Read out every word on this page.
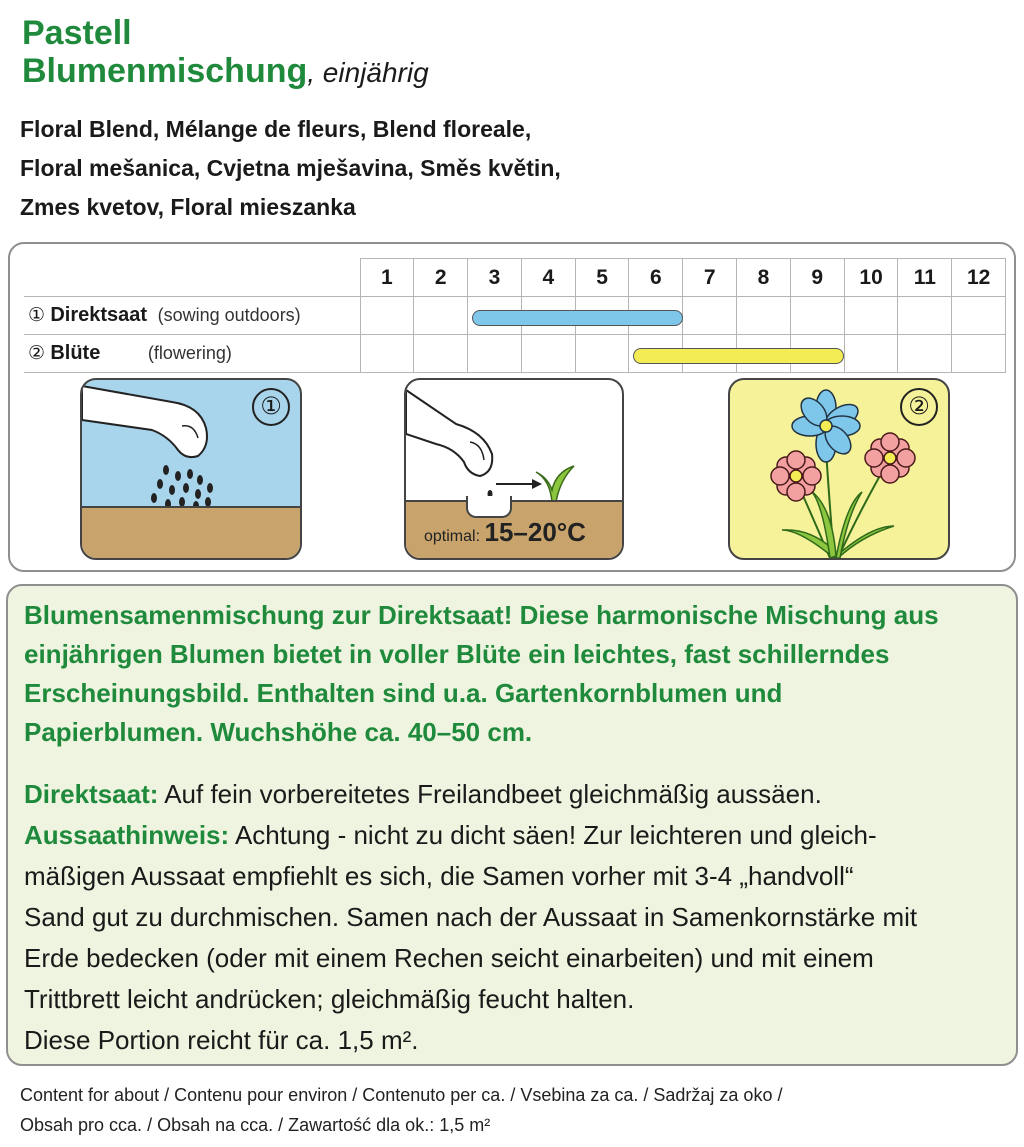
Pastell
Blumenmischung, einjährig
Floral Blend, Mélange de fleurs, Blend floreale,
Floral mešanica, Cvjetna mješavina, Směs květin,
Zmes kvetov, Floral mieszanka
	1	2	3	4	5	6	7	8	9	10	11	12
① Direktsaat (sowing outdoors)												
② Blüte (flowering)												
①
optimal: 15–20°C
②
Blumensamenmischung zur Direktsaat! Diese harmonische Mischung aus
einjährigen Blumen bietet in voller Blüte ein leichtes, fast schillerndes
Erscheinungsbild. Enthalten sind u.a. Gartenkornblumen und
Papierblumen. Wuchshöhe ca. 40–50 cm.
Direktsaat: Auf fein vorbereitetes Freilandbeet gleichmäßig aussäen.
Aussaathinweis: Achtung - nicht zu dicht säen! Zur leichteren und gleich-
mäßigen Aussaat empfiehlt es sich, die Samen vorher mit 3-4 „handvoll“
Sand gut zu durchmischen. Samen nach der Aussaat in Samenkornstärke mit
Erde bedecken (oder mit einem Rechen seicht einarbeiten) und mit einem
Trittbrett leicht andrücken; gleichmäßig feucht halten.
Diese Portion reicht für ca. 1,5 m².
Content for about / Contenu pour environ / Contenuto per ca. / Vsebina za ca. / Sadržaj za oko /
Obsah pro cca. / Obsah na cca. / Zawartość dla ok.: 1,5 m²
